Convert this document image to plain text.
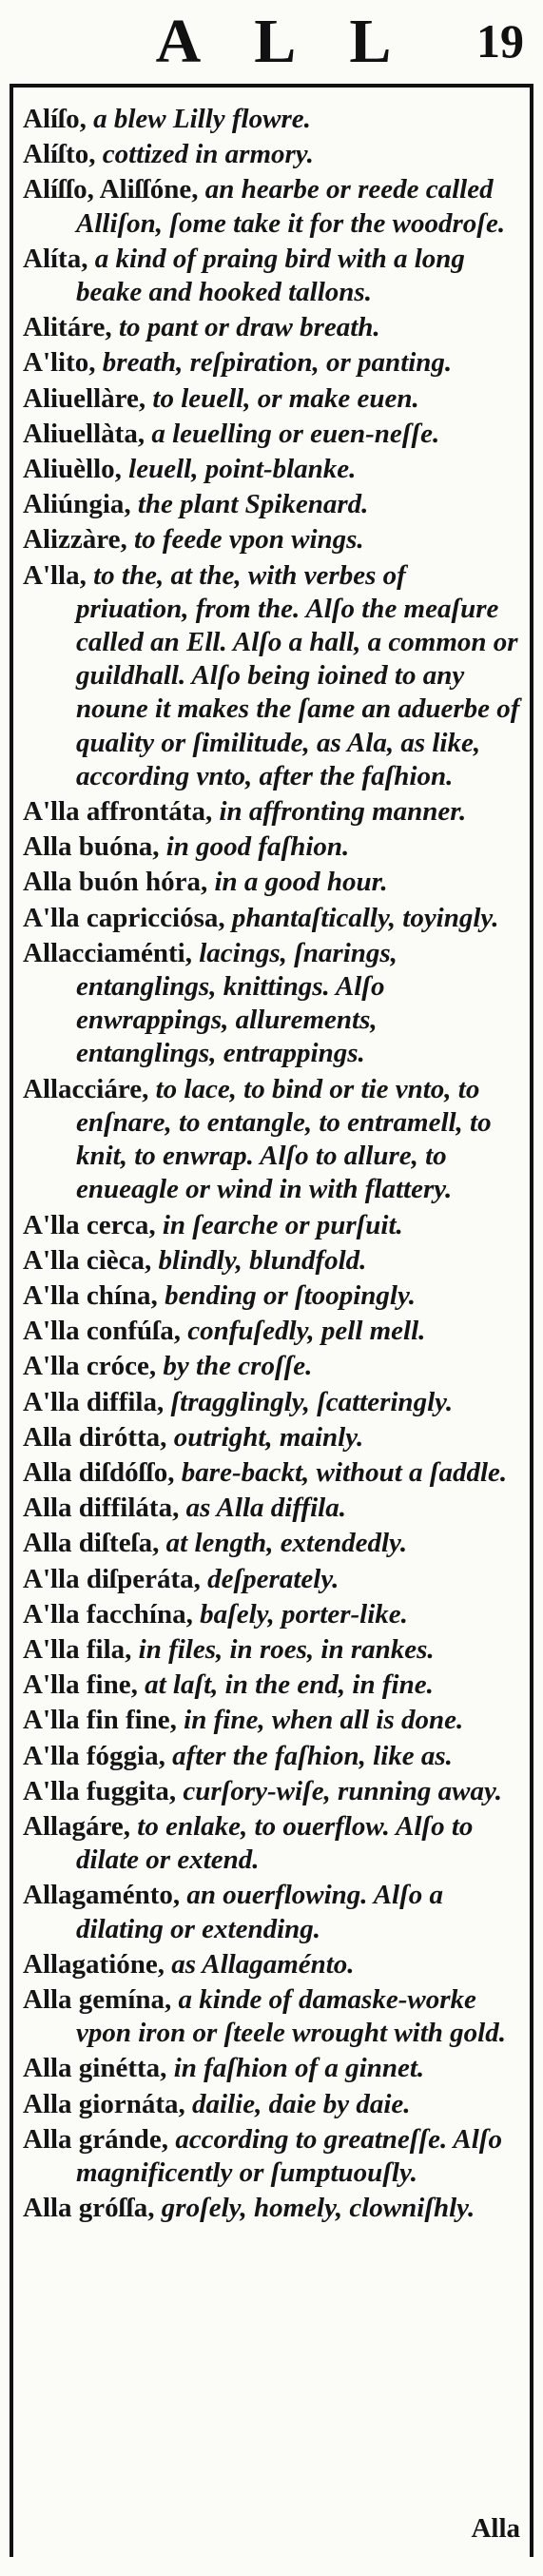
ALL 19
Alíſo, a blew Lilly flowre.
Alíſto, cottized in armory.
Alíſſo, Aliſſóne, an hearbe or reede called Alliſon, ſome take it for the woodroſe.
Alíta, a kind of praing bird with a long beake and hooked tallons.
Alitáre, to pant or draw breath.
A'lito, breath, reſpiration, or panting.
Aliuellàre, to leuell, or make euen.
Aliuellàta, a leuelling or euen-neſſe.
Aliuèllo, leuell, point-blanke.
Aliúngia, the plant Spikenard.
Alizzàre, to feede vpon wings.
A'lla, to the, at the, with verbes of priuation, from the. Alſo the meaſure called an Ell. Alſo a hall, a common or guildhall. Alſo being ioined to any noune it makes the ſame an aduerbe of quality or ſimilitude, as Ala, as like, according vnto, after the faſhion.
A'lla affrontáta, in affronting manner.
Alla buóna, in good faſhion.
Alla buón hóra, in a good hour.
A'lla capricciósa, phantaſtically, toyingly.
Allacciaménti, lacings, ſnarings, entanglings, knittings. Alſo enwrappings, allurements, entanglings, entrappings.
Allacciáre, to lace, to bind or tie vnto, to enſnare, to entangle, to entramell, to knit, to enwrap. Alſo to allure, to enueagle or wind in with flattery.
A'lla cerca, in ſearche or purſuit.
A'lla cièca, blindly, blundfold.
A'lla chína, bending or ſtoopingly.
A'lla confúſa, confuſedly, pell mell.
A'lla cróce, by the croſſe.
A'lla diffila, ſtragglingly, ſcatteringly.
Alla dirótta, outright, mainly.
Alla diſdóſſo, bare-backt, without a ſaddle.
Alla diffiláta, as Alla diffila.
Alla diſteſa, at length, extendedly.
A'lla diſperáta, deſperately.
A'lla facchína, baſely, porter-like.
A'lla fila, in files, in roes, in rankes.
A'lla fine, at laſt, in the end, in fine.
A'lla fin fine, in fine, when all is done.
A'lla fóggia, after the faſhion, like as.
A'lla fuggita, curſory-wiſe, running away.
Allagáre, to enlake, to ouerflow. Alſo to dilate or extend.
Allagaménto, an ouerflowing. Alſo a dilating or extending.
Allagatióne, as Allagaménto.
Alla gemína, a kinde of damaske-worke vpon iron or ſteele wrought with gold.
Alla ginétta, in faſhion of a ginnet.
Alla giornáta, dailie, daie by daie.
Alla gránde, according to greatneſſe. Alſo magnificently or ſumptuouſly.
Alla gróſſa, groſely, homely, clowniſhly.
Alla
